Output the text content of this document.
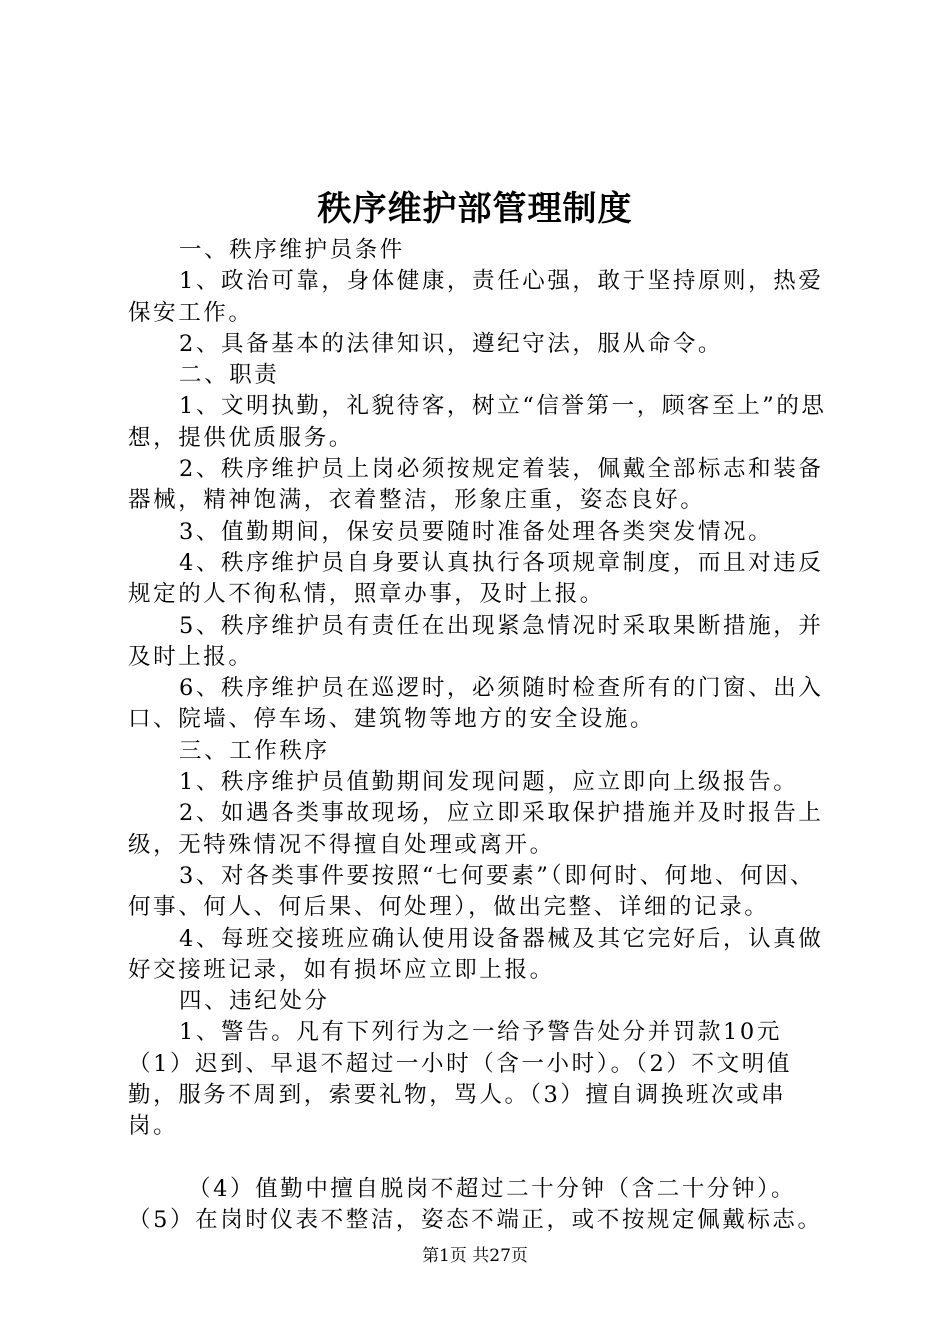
秩序维护部管理制度

一、秩序维护员条件

1、政治可靠，身体健康，责任心强，敢于坚持原则，热爱保安工作。

2、具备基本的法律知识，遵纪守法，服从命令。

二、职责

1、文明执勤，礼貌待客，树立“信誉第一，顾客至上”的思想，提供优质服务。

2、秩序维护员上岗必须按规定着装，佩戴全部标志和装备器械，精神饱满，衣着整洁，形象庄重，姿态良好。

3、值勤期间，保安员要随时准备处理各类突发情况。

4、秩序维护员自身要认真执行各项规章制度，而且对违反规定的人不徇私情，照章办事，及时上报。

5、秩序维护员有责任在出现紧急情况时采取果断措施，并及时上报。

6、秩序维护员在巡逻时，必须随时检查所有的门窗、出入口、院墙、停车场、建筑物等地方的安全设施。

三、工作秩序

1、秩序维护员值勤期间发现问题，应立即向上级报告。

2、如遇各类事故现场，应立即采取保护措施并及时报告上级，无特殊情况不得擅自处理或离开。

3、对各类事件要按照“七何要素”（即何时、何地、何因、何事、何人、何后果、何处理），做出完整、详细的记录。

4、每班交接班应确认使用设备器械及其它完好后，认真做好交接班记录，如有损坏应立即上报。

四、违纪处分

1、警告。凡有下列行为之一给予警告处分并罚款10元（1）迟到、早退不超过一小时（含一小时）。（2）不文明值勤，服务不周到，索要礼物，骂人。（3）擅自调换班次或串岗。

（4）值勤中擅自脱岗不超过二十分钟（含二十分钟）。（5）在岗时仪表不整洁，姿态不端正，或不按规定佩戴标志。

第1页 共27页
